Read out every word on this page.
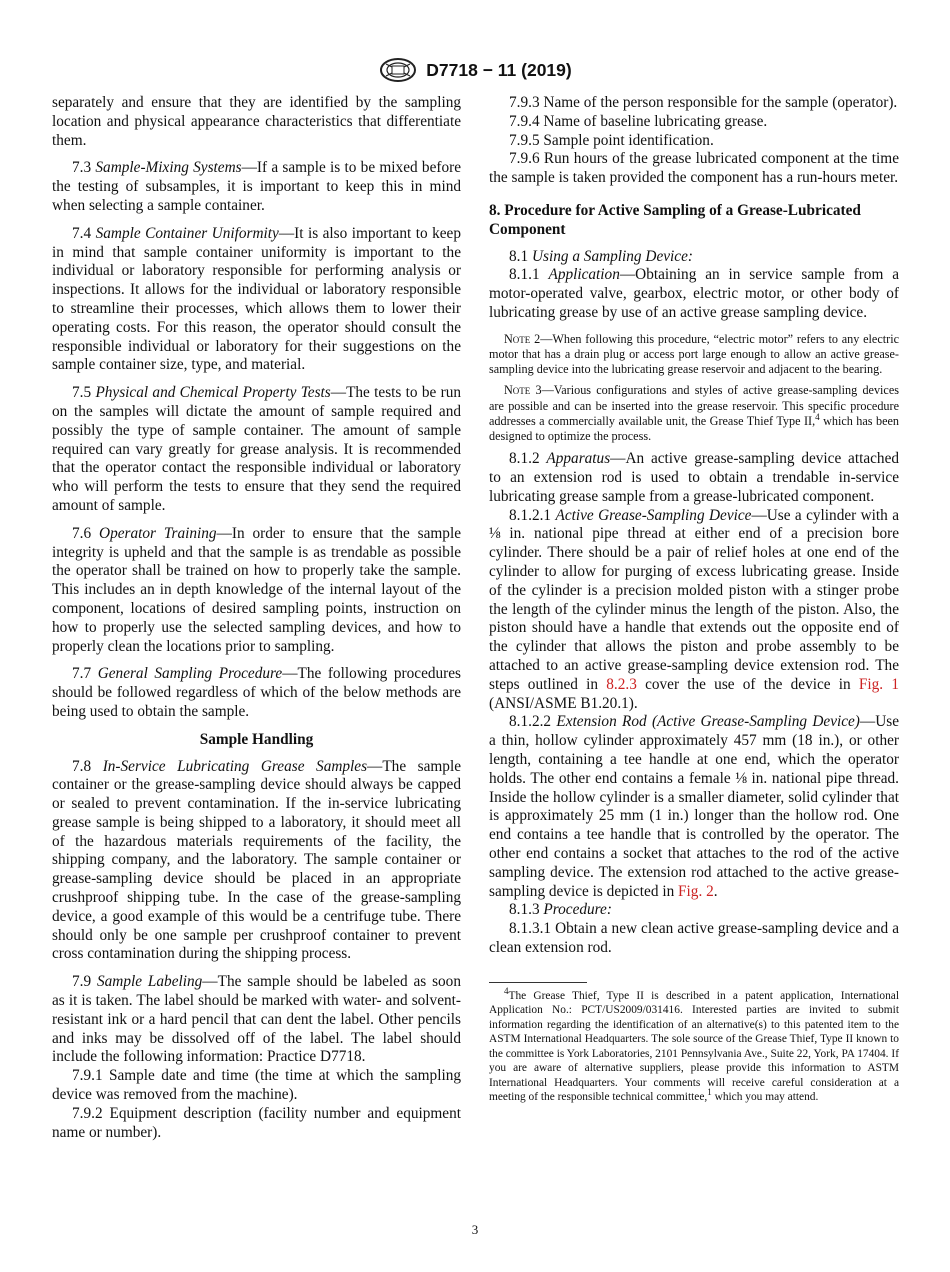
D7718 − 11 (2019)

separately and ensure that they are identified by the sampling location and physical appearance characteristics that differentiate them.

7.3 Sample-Mixing Systems—If a sample is to be mixed before the testing of subsamples, it is important to keep this in mind when selecting a sample container.

7.4 Sample Container Uniformity—It is also important to keep in mind that sample container uniformity is important to the individual or laboratory responsible for performing analysis or inspections. It allows for the individual or laboratory responsible to streamline their processes, which allows them to lower their operating costs. For this reason, the operator should consult the responsible individual or laboratory for their suggestions on the sample container size, type, and material.

7.5 Physical and Chemical Property Tests—The tests to be run on the samples will dictate the amount of sample required and possibly the type of sample container. The amount of sample required can vary greatly for grease analysis. It is recommended that the operator contact the responsible individual or laboratory who will perform the tests to ensure that they send the required amount of sample.

7.6 Operator Training—In order to ensure that the sample integrity is upheld and that the sample is as trendable as possible the operator shall be trained on how to properly take the sample. This includes an in depth knowledge of the internal layout of the component, locations of desired sampling points, instruction on how to properly use the selected sampling devices, and how to properly clean the locations prior to sampling.

7.7 General Sampling Procedure—The following procedures should be followed regardless of which of the below methods are being used to obtain the sample.

Sample Handling

7.8 In-Service Lubricating Grease Samples—The sample container or the grease-sampling device should always be capped or sealed to prevent contamination. If the in-service lubricating grease sample is being shipped to a laboratory, it should meet all of the hazardous materials requirements of the facility, the shipping company, and the laboratory. The sample container or grease-sampling device should be placed in an appropriate crushproof shipping tube. In the case of the grease-sampling device, a good example of this would be a centrifuge tube. There should only be one sample per crushproof container to prevent cross contamination during the shipping process.

7.9 Sample Labeling—The sample should be labeled as soon as it is taken. The label should be marked with water- and solvent-resistant ink or a hard pencil that can dent the label. Other pencils and inks may be dissolved off of the label. The label should include the following information: Practice D7718.

7.9.1 Sample date and time (the time at which the sampling device was removed from the machine).

7.9.2 Equipment description (facility number and equipment name or number).

7.9.3 Name of the person responsible for the sample (operator).

7.9.4 Name of baseline lubricating grease.

7.9.5 Sample point identification.

7.9.6 Run hours of the grease lubricated component at the time the sample is taken provided the component has a run-hours meter.

8. Procedure for Active Sampling of a Grease-Lubricated Component

8.1 Using a Sampling Device:

8.1.1 Application—Obtaining an in service sample from a motor-operated valve, gearbox, electric motor, or other body of lubricating grease by use of an active grease sampling device.

Note 2—When following this procedure, “electric motor” refers to any electric motor that has a drain plug or access port large enough to allow an active grease-sampling device into the lubricating grease reservoir and adjacent to the bearing.

Note 3—Various configurations and styles of active grease-sampling devices are possible and can be inserted into the grease reservoir. This specific procedure addresses a commercially available unit, the Grease Thief Type II,$^4$ which has been designed to optimize the process.

8.1.2 Apparatus—An active grease-sampling device attached to an extension rod is used to obtain a trendable in-service lubricating grease sample from a grease-lubricated component.

8.1.2.1 Active Grease-Sampling Device—Use a cylinder with a ⅛ in. national pipe thread at either end of a precision bore cylinder. There should be a pair of relief holes at one end of the cylinder to allow for purging of excess lubricating grease. Inside of the cylinder is a precision molded piston with a stinger probe the length of the cylinder minus the length of the piston. Also, the piston should have a handle that extends out the opposite end of the cylinder that allows the piston and probe assembly to be attached to an active grease-sampling device extension rod. The steps outlined in 8.2.3 cover the use of the device in Fig. 1 (ANSI/ASME B1.20.1).

8.1.2.2 Extension Rod (Active Grease-Sampling Device)—Use a thin, hollow cylinder approximately 457 mm (18 in.), or other length, containing a tee handle at one end, which the operator holds. The other end contains a female ⅛ in. national pipe thread. Inside the hollow cylinder is a smaller diameter, solid cylinder that is approximately 25 mm (1 in.) longer than the hollow rod. One end contains a tee handle that is controlled by the operator. The other end contains a socket that attaches to the rod of the active sampling device. The extension rod attached to the active grease-sampling device is depicted in Fig. 2.

8.1.3 Procedure:

8.1.3.1 Obtain a new clean active grease-sampling device and a clean extension rod.

$^4$The Grease Thief, Type II is described in a patent application, International Application No.: PCT/US2009/031416. Interested parties are invited to submit information regarding the identification of an alternative(s) to this patented item to the ASTM International Headquarters. The sole source of the Grease Thief, Type II known to the committee is York Laboratories, 2101 Pennsylvania Ave., Suite 22, York, PA 17404. If you are aware of alternative suppliers, please provide this information to ASTM International Headquarters. Your comments will receive careful consideration at a meeting of the responsible technical committee,$^1$ which you may attend.

3
